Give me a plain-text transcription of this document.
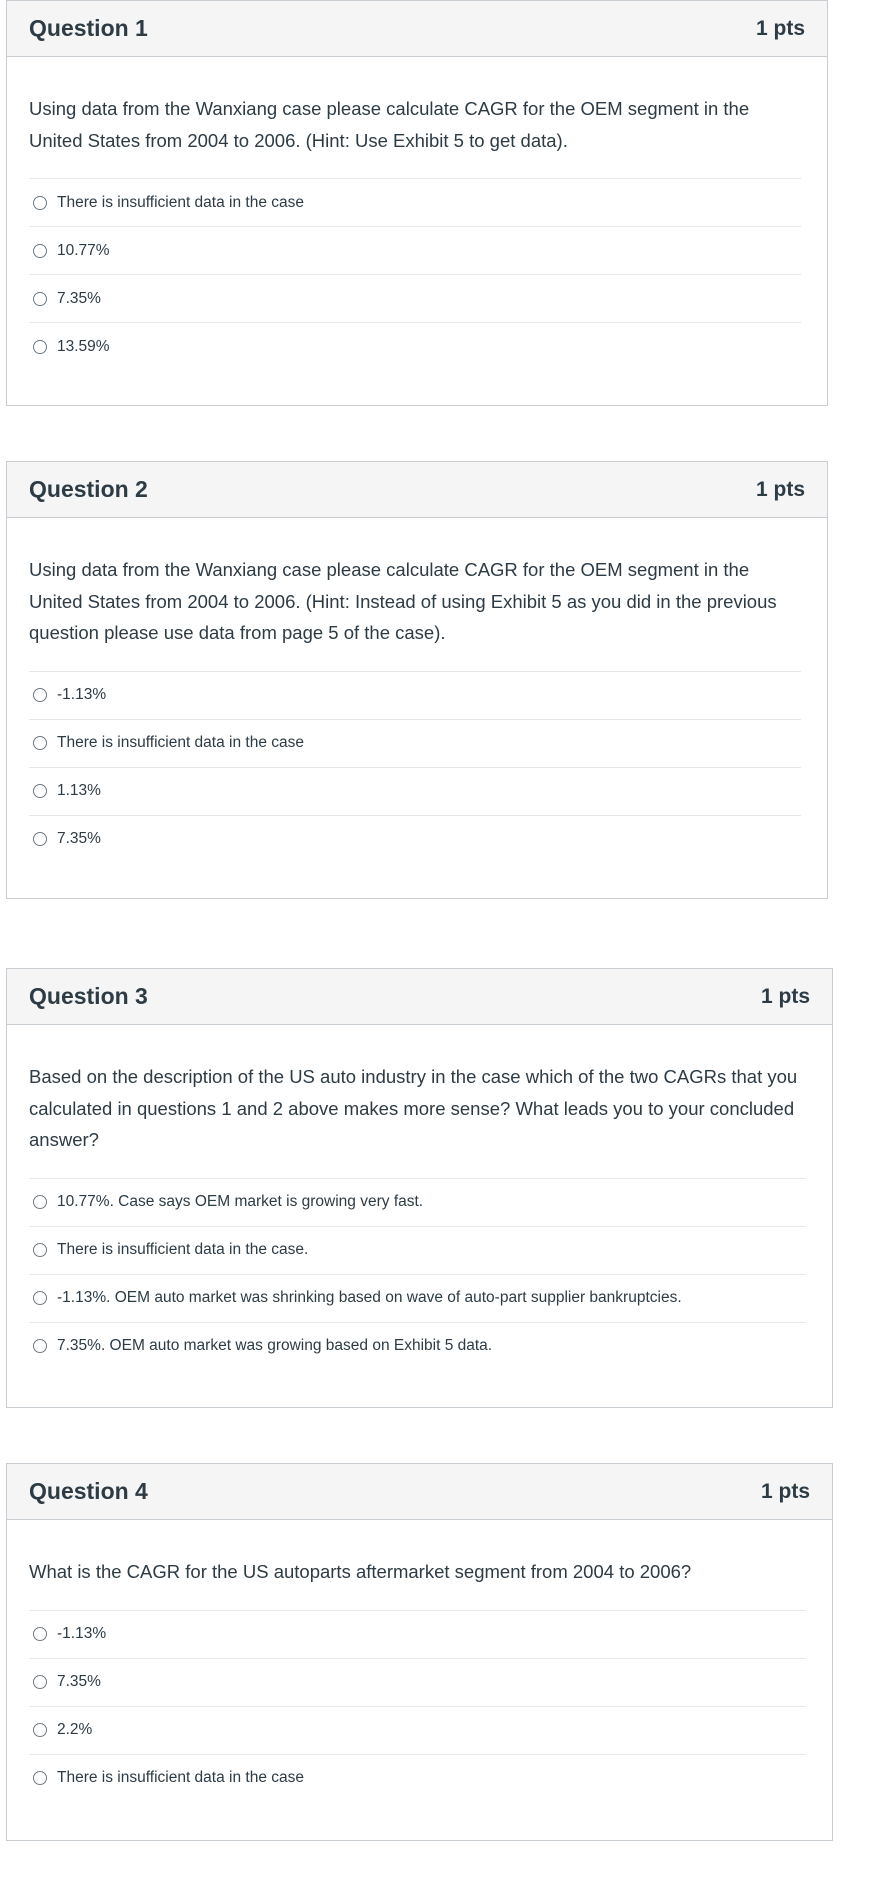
Question 1	1 pts

Using data from the Wanxiang case please calculate CAGR for the OEM segment in the United States from 2004 to 2006. (Hint: Use Exhibit 5 to get data).

There is insufficient data in the case
10.77%
7.35%
13.59%
Question 2	1 pts

Using data from the Wanxiang case please calculate CAGR for the OEM segment in the United States from 2004 to 2006. (Hint: Instead of using Exhibit 5 as you did in the previous question please use data from page 5 of the case).

-1.13%
There is insufficient data in the case
1.13%
7.35%
Question 3	1 pts

Based on the description of the US auto industry in the case which of the two CAGRs that you calculated in questions 1 and 2 above makes more sense? What leads you to your concluded answer?

10.77%. Case says OEM market is growing very fast.
There is insufficient data in the case.
-1.13%. OEM auto market was shrinking based on wave of auto-part supplier bankruptcies.
7.35%. OEM auto market was growing based on Exhibit 5 data.
Question 4	1 pts

What is the CAGR for the US autoparts aftermarket segment from 2004 to 2006?

-1.13%
7.35%
2.2%
There is insufficient data in the case
